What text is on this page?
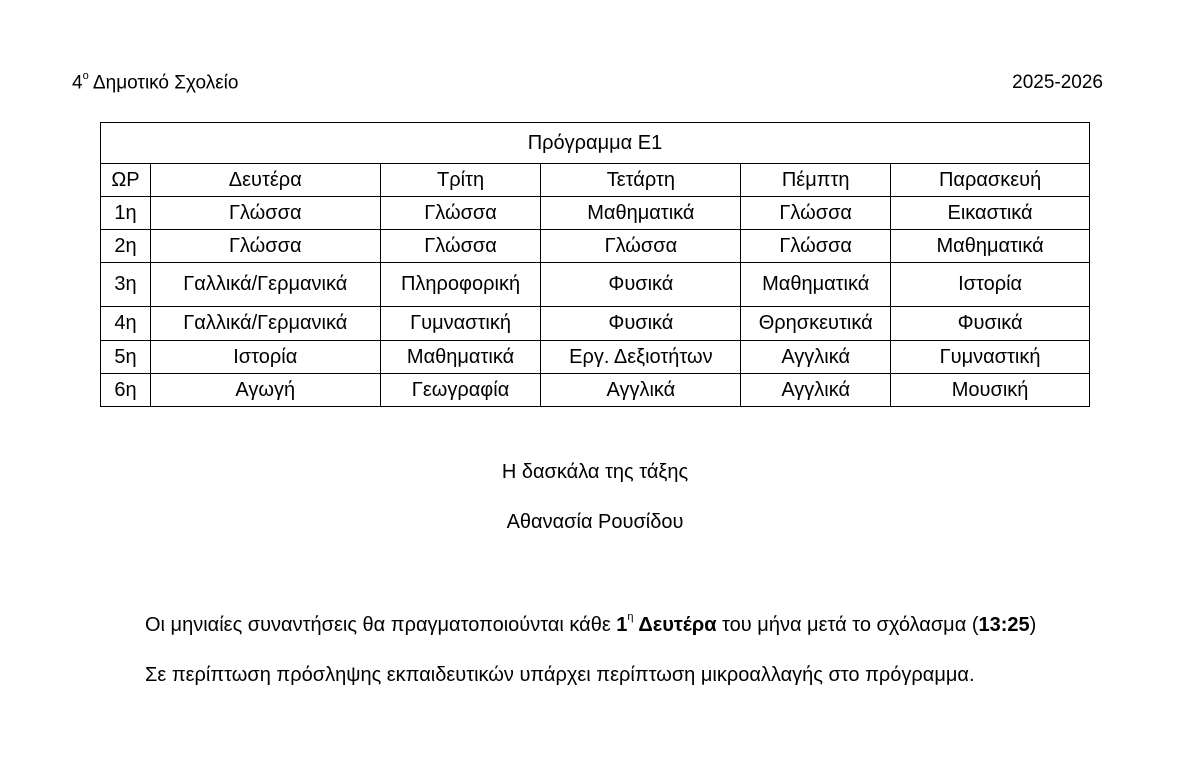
$4^o$ Δημοτικό Σχολείο	2025-2026
Πρόγραμμα Ε1					
ΩΡ	Δευτέρα	Τρίτη	Τετάρτη	Πέμπτη	Παρασκευή
1η	Γλώσσα	Γλώσσα	Μαθηματικά	Γλώσσα	Εικαστικά
2η	Γλώσσα	Γλώσσα	Γλώσσα	Γλώσσα	Μαθηματικά
3η	Γαλλικά/Γερμανικά	Πληροφορική	Φυσικά	Μαθηματικά	Ιστορία
4η	Γαλλικά/Γερμανικά	Γυμναστική	Φυσικά	Θρησκευτικά	Φυσικά
5η	Ιστορία	Μαθηματικά	Εργ. Δεξιοτήτων	Αγγλικά	Γυμναστική
6η	Αγωγή	Γεωγραφία	Αγγλικά	Αγγλικά	Μουσική
Η δασκάλα της τάξης
Αθανασία Ρουσίδου
Οι μηνιαίες συναντήσεις θα πραγματοποιούνται κάθε $1^\eta$ Δευτέρα του μήνα μετά το σχόλασμα (13:25)
Σε περίπτωση πρόσληψης εκπαιδευτικών υπάρχει περίπτωση μικροαλλαγής στο πρόγραμμα.
